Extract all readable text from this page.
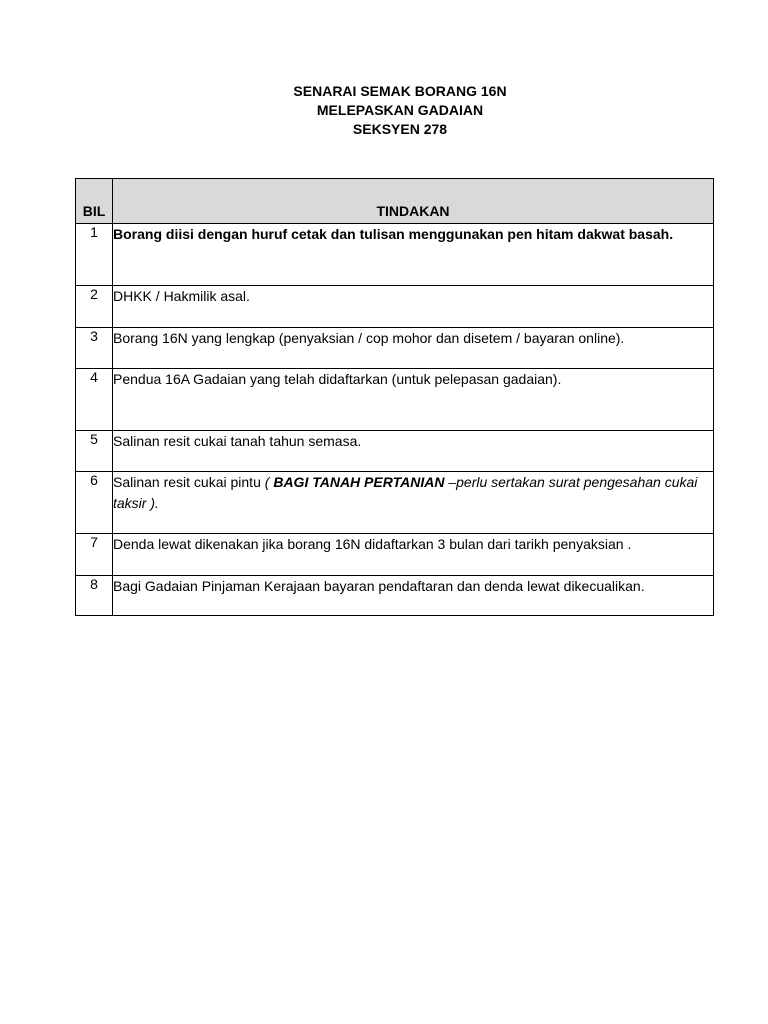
SENARAI SEMAK BORANG 16N
MELEPASKAN GADAIAN
SEKSYEN 278
BIL	TINDAKAN
1	Borang diisi dengan huruf cetak dan tulisan menggunakan pen hitam dakwat basah.
2	DHKK / Hakmilik asal.
3	Borang 16N yang lengkap (penyaksian / cop mohor dan disetem / bayaran online).
4	Pendua 16A Gadaian yang telah didaftarkan (untuk pelepasan gadaian).
5	Salinan resit cukai tanah tahun semasa.
6	Salinan resit cukai pintu ( BAGI TANAH PERTANIAN –perlu sertakan surat pengesahan cukai taksir ).
7	Denda lewat dikenakan jika borang 16N didaftarkan 3 bulan dari tarikh penyaksian .
8	Bagi Gadaian Pinjaman Kerajaan bayaran pendaftaran dan denda lewat dikecualikan.
